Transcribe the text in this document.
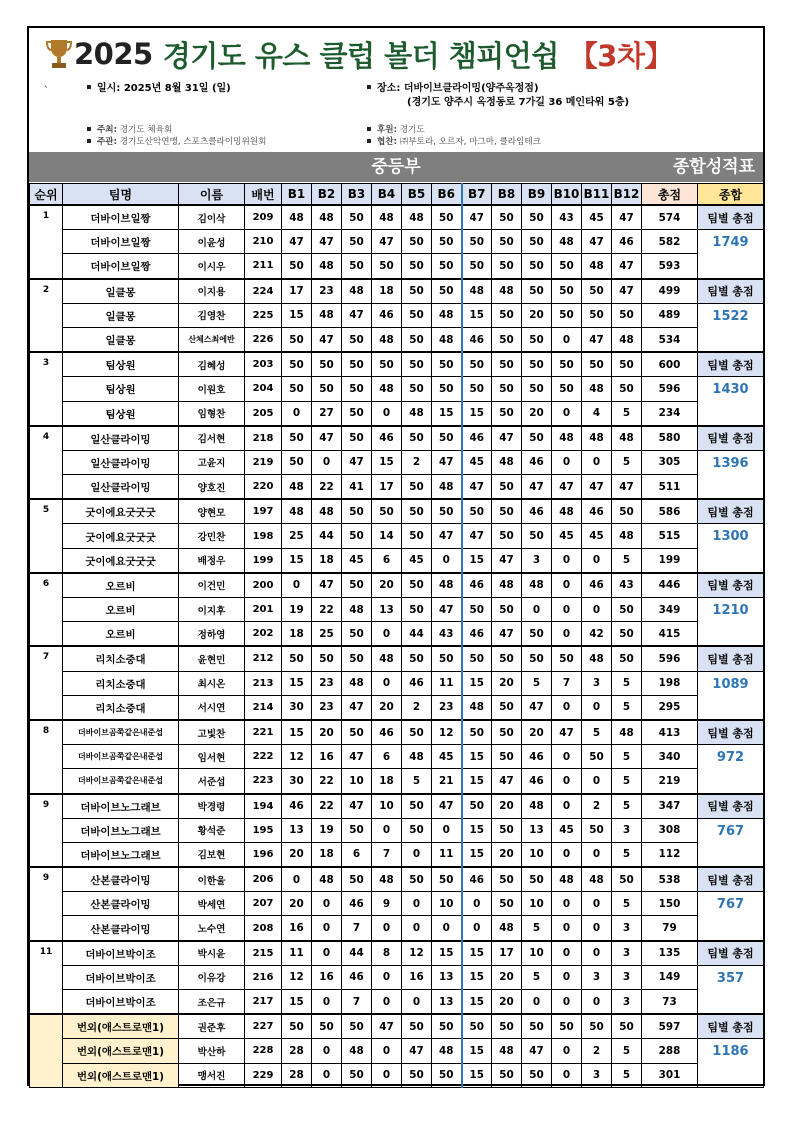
2025 경기도 유스 클럽 볼더 챔피언쉽 【3차】
`	일시: 2025년 8월 31일 (일)	장소: 더바이브클라이밍(양주옥정점)
(경기도 양주시 옥정동로 7가길 36 메인타워 5층)
주최: 경기도 체육회
주관: 경기도산악연맹, 스포츠클라이밍위원회
후원: 경기도
협찬: ㈜부토라, 오르자, 마그마, 클라임테크
중등부	종합성적표
순위	팀명	이름	배번	B1	B2	B3	B4	B5	B6	B7	B8	B9	B10	B11	B12	총점	종합
1	더바이브일짱	김이삭	209	48	48	50	48	48	50	47	50	50	43	45	47	574	팀별 총점
	더바이브일짱	이윤성	210	47	47	50	47	50	50	50	50	50	48	47	46	582	1749
	더바이브일짱	이시우	211	50	48	50	50	50	50	50	50	50	50	48	47	593	
2	일클몽	이지용	224	17	23	48	18	50	50	48	48	50	50	50	47	499	팀별 총점
	일클몽	김영찬	225	15	48	47	46	50	48	15	50	20	50	50	50	489	1522
	일클몽	산체스최에반	226	50	47	50	48	50	48	46	50	50	0	47	48	534	
3	팀상원	김혜성	203	50	50	50	50	50	50	50	50	50	50	50	50	600	팀별 총점
	팀상원	이원호	204	50	50	50	48	50	50	50	50	50	50	48	50	596	1430
	팀상원	임형찬	205	0	27	50	0	48	15	15	50	20	0	4	5	234	
4	일산클라이밍	김서현	218	50	47	50	46	50	50	46	47	50	48	48	48	580	팀별 총점
	일산클라이밍	고윤지	219	50	0	47	15	2	47	45	48	46	0	0	5	305	1396
	일산클라이밍	양호진	220	48	22	41	17	50	48	47	50	47	47	47	47	511	
5	굿이에요굿굿굿	양현모	197	48	48	50	50	50	50	50	50	46	48	46	50	586	팀별 총점
	굿이에요굿굿굿	강민찬	198	25	44	50	14	50	47	47	50	50	45	45	48	515	1300
	굿이에요굿굿굿	배정우	199	15	18	45	6	45	0	15	47	3	0	0	5	199	
6	오르비	이건민	200	0	47	50	20	50	48	46	48	48	0	46	43	446	팀별 총점
	오르비	이지후	201	19	22	48	13	50	47	50	50	0	0	0	50	349	1210
	오르비	정하영	202	18	25	50	0	44	43	46	47	50	0	42	50	415	
7	리치소중대	윤현민	212	50	50	50	48	50	50	50	50	50	50	48	50	596	팀별 총점
	리치소중대	최시온	213	15	23	48	0	46	11	15	20	5	7	3	5	198	1089
	리치소중대	서시연	214	30	23	47	20	2	23	48	50	47	0	0	5	295	
8	더바이브곰쭉같은내준섭	고빛찬	221	15	20	50	46	50	12	50	50	20	47	5	48	413	팀별 총점
	더바이브곰쭉같은내준섭	임서현	222	12	16	47	6	48	45	15	50	46	0	50	5	340	972
	더바이브곰쭉같은내준섭	서준섭	223	30	22	10	18	5	21	15	47	46	0	0	5	219	
9	더바이브노그래브	박경령	194	46	22	47	10	50	47	50	20	48	0	2	5	347	팀별 총점
	더바이브노그래브	황석준	195	13	19	50	0	50	0	15	50	13	45	50	3	308	767
	더바이브노그래브	김보현	196	20	18	6	7	0	11	15	20	10	0	0	5	112	
9	산본클라이밍	이한울	206	0	48	50	48	50	50	46	50	50	48	48	50	538	팀별 총점
	산본클라이밍	박세연	207	20	0	46	9	0	10	0	50	10	0	0	5	150	767
	산본클라이밍	노수연	208	16	0	7	0	0	0	0	48	5	0	0	3	79	
11	더바이브박이조	박시윤	215	11	0	44	8	12	15	15	17	10	0	0	3	135	팀별 총점
	더바이브박이조	이유강	216	12	16	46	0	16	13	15	20	5	0	3	3	149	357
	더바이브박이조	조은규	217	15	0	7	0	0	13	15	20	0	0	0	3	73	
	번외(애스트로맨1)	권준후	227	50	50	50	47	50	50	50	50	50	50	50	50	597	팀별 총점
	번외(애스트로맨1)	박산하	228	28	0	48	0	47	48	15	48	47	0	2	5	288	1186
	번외(애스트로맨1)	맹서진	229	28	0	50	0	50	50	15	50	50	0	3	5	301	
